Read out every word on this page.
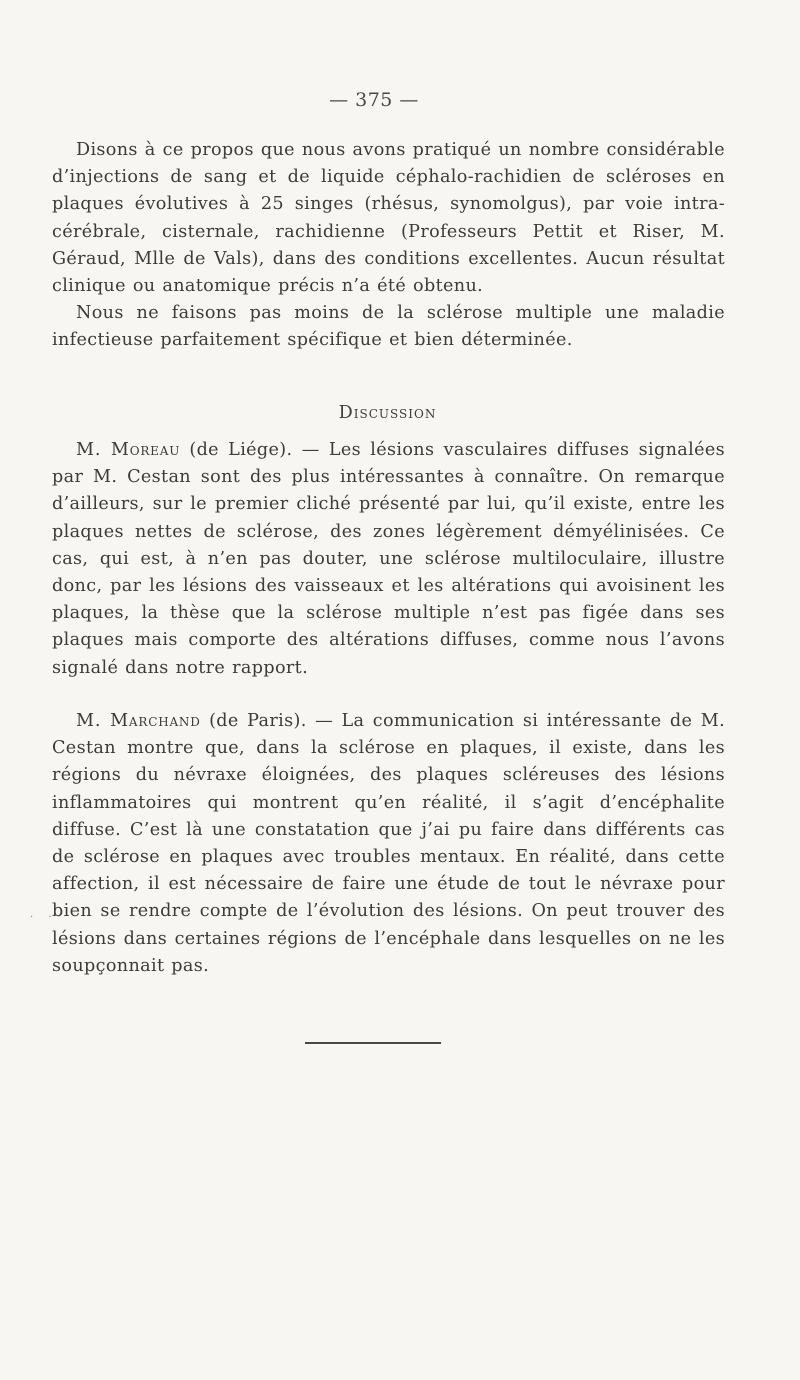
— 375 —

Disons à ce propos que nous avons pratiqué un nombre considérable d’injections de sang et de liquide céphalo-rachidien de scléroses en plaques évolutives à 25 singes (rhésus, synomolgus), par voie intra-cérébrale, cisternale, rachidienne (Professeurs Pettit et Riser, M. Géraud, Mlle de Vals), dans des conditions excellentes. Aucun résultat clinique ou anatomique précis n’a été obtenu.

Nous ne faisons pas moins de la sclérose multiple une maladie infectieuse parfaitement spécifique et bien déterminée.

Discussion

M. Moreau (de Liége). — Les lésions vasculaires diffuses signalées par M. Cestan sont des plus intéressantes à connaître. On remarque d’ailleurs, sur le premier cliché présenté par lui, qu’il existe, entre les plaques nettes de sclérose, des zones légèrement démyélinisées. Ce cas, qui est, à n’en pas douter, une sclérose multiloculaire, illustre donc, par les lésions des vaisseaux et les altérations qui avoisinent les plaques, la thèse que la sclérose multiple n’est pas figée dans ses plaques mais comporte des altérations diffuses, comme nous l’avons signalé dans notre rapport.

M. Marchand (de Paris). — La communication si intéressante de M. Cestan montre que, dans la sclérose en plaques, il existe, dans les régions du névraxe éloignées, des plaques scléreuses des lésions inflammatoires qui montrent qu’en réalité, il s’agit d’encéphalite diffuse. C’est là une constatation que j’ai pu faire dans différents cas de sclérose en plaques avec troubles mentaux. En réalité, dans cette affection, il est nécessaire de faire une étude de tout le névraxe pour bien se rendre compte de l’évolution des lésions. On peut trouver des lésions dans certaines régions de l’encéphale dans lesquelles on ne les soupçonnait pas.

· ·
